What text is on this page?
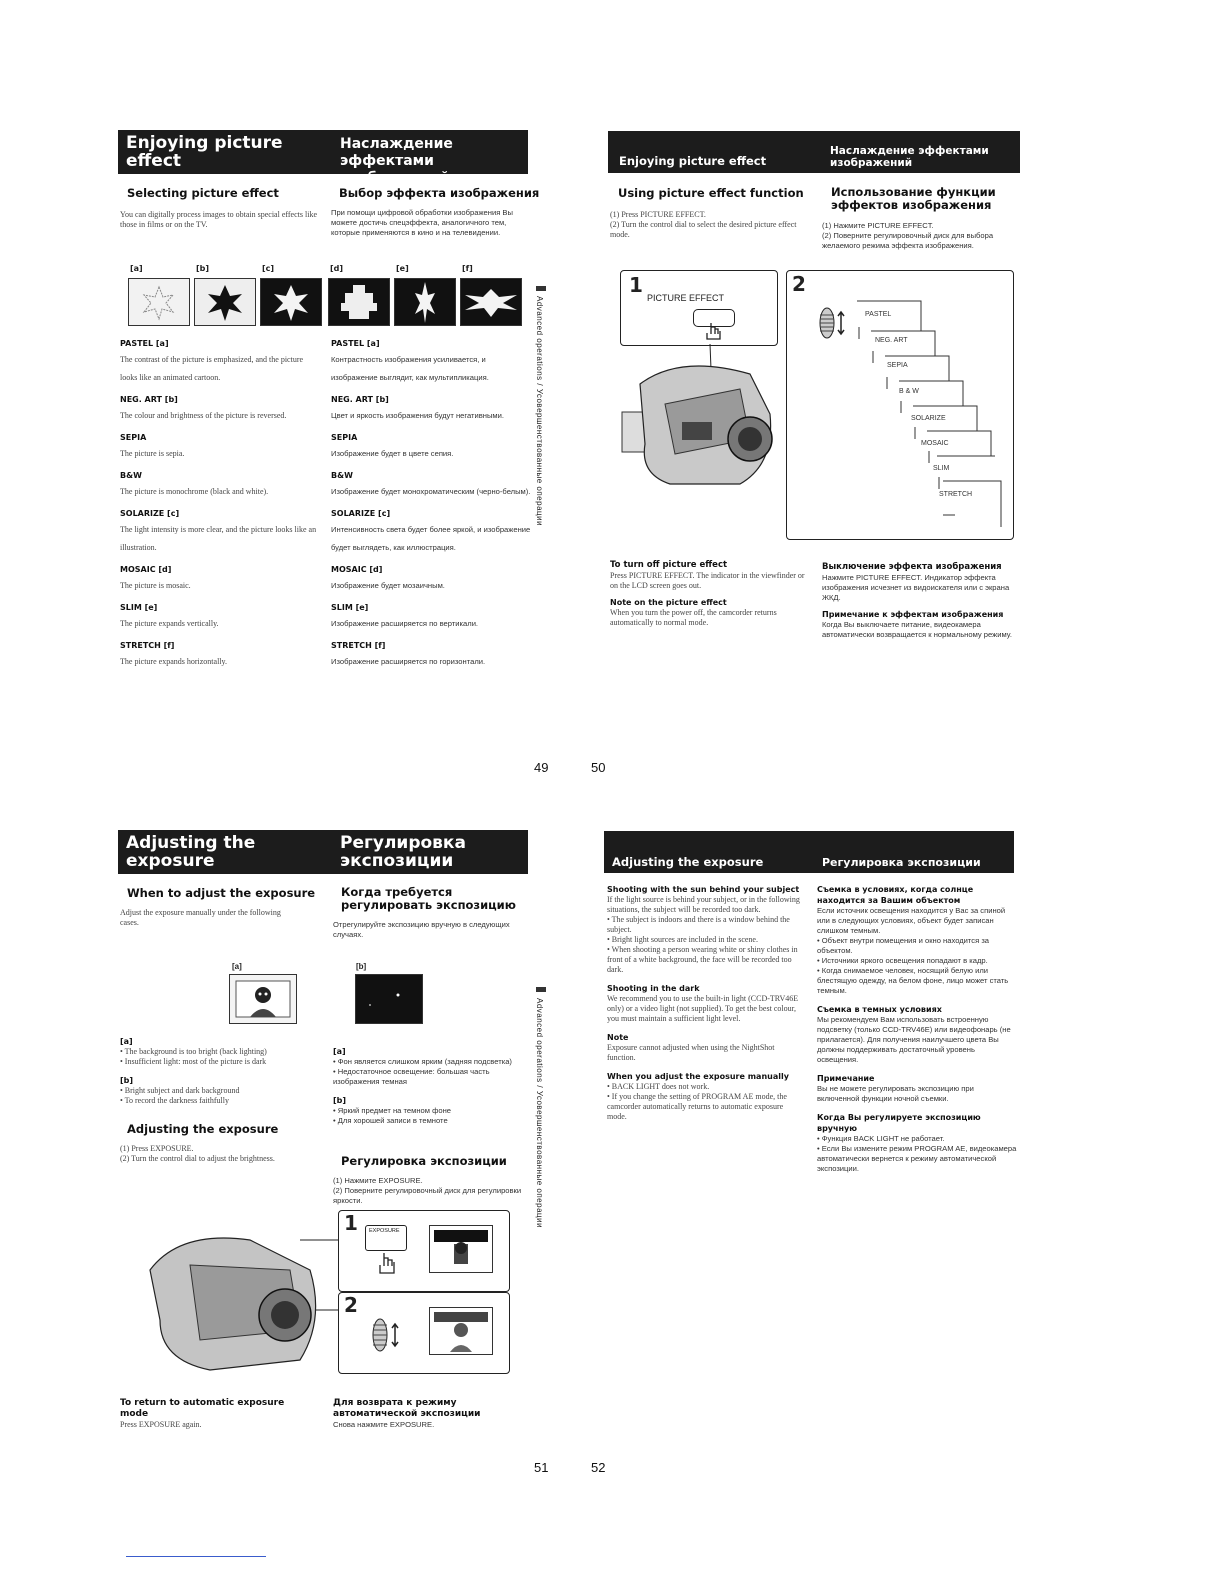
Enjoying picture effect
Наслаждение эффектами изображений
Selecting picture effect	Выбор эффекта изображения
You can digitally process images to obtain special effects like those in films or on the TV.
При помощи цифровой обработки изображения Вы можете достичь спецэффекта, аналогичного тем, которые применяются в кино и на телевидении.
[a]	[b]	[c]	[d]	[e]	[f]

PASTEL [a]
The contrast of the picture is emphasized, and the picture looks like an animated cartoon.

NEG. ART [b]
The colour and brightness of the picture is reversed.

SEPIA
The picture is sepia.

B&W
The picture is monochrome (black and white).

SOLARIZE [c]
The light intensity is more clear, and the picture looks like an illustration.

MOSAIC [d]
The picture is mosaic.

SLIM [e]
The picture expands vertically.

STRETCH [f]
The picture expands horizontally.

PASTEL [a]
Контрастность изображения усиливается, и изображение выглядит, как мультипликация.

NEG. ART [b]
Цвет и яркость изображения будут негативными.

SEPIA
Изображение будет в цвете сепия.

B&W
Изображение будет монохроматическим (черно-белым).

SOLARIZE [c]
Интенсивность света будет более яркой, и изображение будет выглядеть, как иллюстрация.

MOSAIC [d]
Изображение будет мозаичным.

SLIM [e]
Изображение расширяется по вертикали.

STRETCH [f]
Изображение расширяется по горизонтали.

Advanced operations / Усовершенствованные операции
49
Enjoying picture effect
Наслаждение эффектами изображений
Using picture effect function Использование функции эффектов изображения
(1) Press PICTURE EFFECT.
(2) Turn the control dial to select the desired picture effect mode.
(1) Нажмите PICTURE EFFECT.
(2) Поверните регулировочный диск для выбора желаемого режима эффекта изображения.
1
PICTURE EFFECT
2
PASTEL
NEG. ART
SEPIA
B & W
SOLARIZE
MOSAIC
SLIM
STRETCH
To turn off picture effect
Press PICTURE EFFECT. The indicator in the viewfinder or on the LCD screen goes out.
Note on the picture effect
When you turn the power off, the camcorder returns automatically to normal mode.
Выключение эффекта изображения
Нажмите PICTURE EFFECT. Индикатор эффекта изображения исчезнет из видоискателя или с экрана ЖКД.
Примечание к эффектам изображения
Когда Вы выключаете питание, видеокамера автоматически возвращается к нормальному режиму.
50
Adjusting the exposure
Регулировка экспозиции
When to adjust the exposure Когда требуется регулировать экспозицию
Adjust the exposure manually under the following cases.	Отрегулируйте экспозицию вручную в следующих случаях.
[a]	[b]
[a]
• The background is too bright (back lighting)
• Insufficient light: most of the picture is dark
[b]
• Bright subject and dark background
• To record the darkness faithfully
[a]
• Фон является слишком ярким (задняя подсветка)
• Недостаточное освещение: большая часть изображения темная
[b]
• Яркий предмет на темном фоне
• Для хорошей записи в темноте
Adjusting the exposure
Регулировка экспозиции
(1) Press EXPOSURE.
(2) Turn the control dial to adjust the brightness.
(1) Нажмите EXPOSURE.
(2) Поверните регулировочный диск для регулировки яркости.
1 EXPOSURE
2
To return to automatic exposure mode
Press EXPOSURE again.
Для возврата к режиму автоматической экспозиции
Снова нажмите EXPOSURE.
Advanced operations / Усовершенствованные операции
51
Adjusting the exposure	Регулировка экспозиции
Shooting with the sun behind your subject
If the light source is behind your subject, or in the following situations, the subject will be recorded too dark.
• The subject is indoors and there is a window behind the subject.
• Bright light sources are included in the scene.
• When shooting a person wearing white or shiny clothes in front of a white background, the face will be recorded too dark.
Shooting in the dark
We recommend you to use the built-in light (CCD-TRV46E only) or a video light (not supplied). To get the best colour, you must maintain a sufficient light level.
Note
Exposure cannot adjusted when using the NightShot function.
When you adjust the exposure manually
• BACK LIGHT does not work.
• If you change the setting of PROGRAM AE mode, the camcorder automatically returns to automatic exposure mode.
Съемка в условиях, когда солнце находится за Вашим объектом
Если источник освещения находится у Вас за спиной или в следующих условиях, объект будет записан слишком темным.
• Объект внутри помещения и окно находится за объектом.
• Источники яркого освещения попадают в кадр.
• Когда снимаемое человек, носящий белую или блестящую одежду, на белом фоне, лицо может стать темным.
Съемка в темных условиях
Мы рекомендуем Вам использовать встроенную подсветку (только CCD-TRV46E) или видеофонарь (не прилагается). Для получения наилучшего цвета Вы должны поддерживать достаточный уровень освещения.
Примечание
Вы не можете регулировать экспозицию при включенной функции ночной съемки.
Когда Вы регулируете экспозицию вручную
• Функция BACK LIGHT не работает.
• Если Вы измените режим PROGRAM AE, видеокамера автоматически вернется к режиму автоматической экспозиции.
52
